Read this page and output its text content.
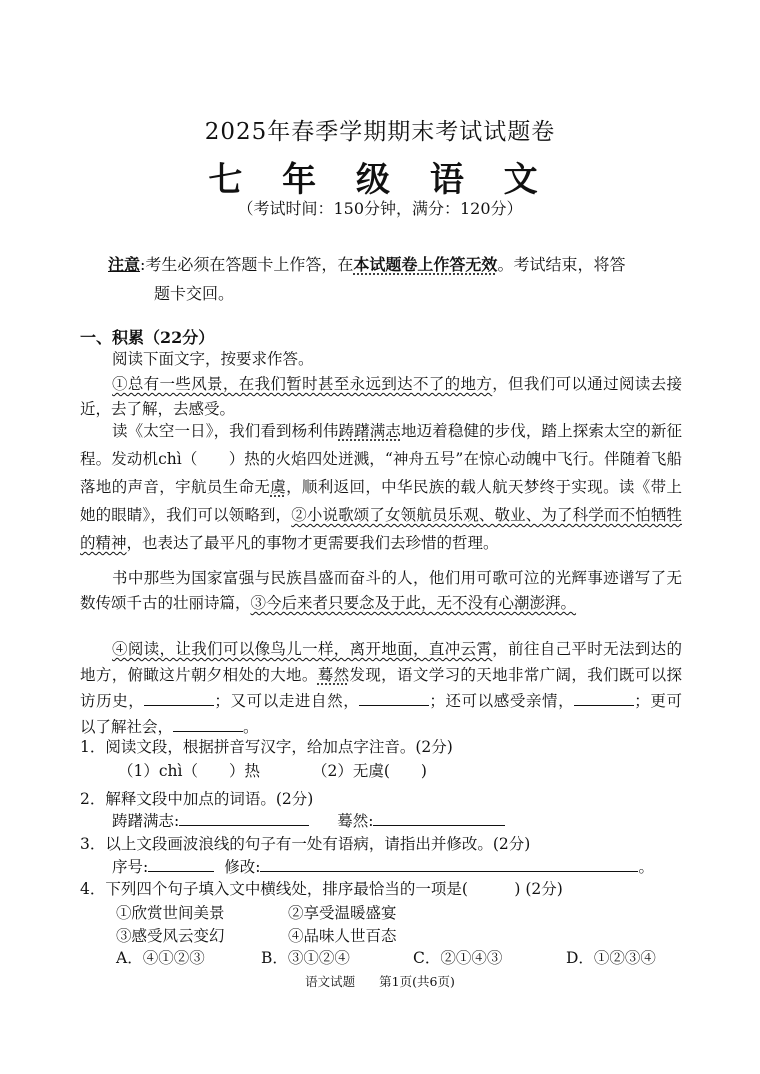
2025年春季学期期末考试试题卷
七 年 级 语 文
（考试时间：150分钟，满分：120分）
注意:考生必须在答题卡上作答，在本试题卷上作答无效。考试结束，将答
题卡交回。
一、积累（22分）
阅读下面文字，按要求作答。
①总有一些风景，在我们暂时甚至永远到达不了的地方，但我们可以通过阅读去接近，去了解，去感受。
读《太空一日》，我们看到杨利伟踌躇满志地迈着稳健的步伐，踏上探索太空的新征程。发动机chì（　　）热的火焰四处迸溅，“神舟五号”在惊心动魄中飞行。伴随着飞船落地的声音，宇航员生命无虞，顺利返回，中华民族的载人航天梦终于实现。读《带上她的眼睛》，我们可以领略到，②小说歌颂了女领航员乐观、敬业、为了科学而不怕牺牲的精神，也表达了最平凡的事物才更需要我们去珍惜的哲理。
书中那些为国家富强与民族昌盛而奋斗的人，他们用可歌可泣的光辉事迹谱写了无数传颂千古的壮丽诗篇，③今后来者只要念及于此，无不没有心潮澎湃。
④阅读，让我们可以像鸟儿一样，离开地面，直冲云霄，前往自己平时无法到达的地方，俯瞰这片朝夕相处的大地。蓦然发现，语文学习的天地非常广阔，我们既可以探访历史，	；又可以走进自然，	；还可以感受亲情，	；更可以了解社会，	。
1．阅读文段，根据拼音写汉字，给加点字注音。(2分)
（1）chì（　　）热	（2）无虞(　　)
2．解释文段中加点的词语。(2分)
踌躇满志:	蓦然:
3．以上文段画波浪线的句子有一处有语病，请指出并修改。(2分)
序号:	修改:	。
4．下列四个句子填入文中横线处，排序最恰当的一项是(　　　) (2分)
①欣赏世间美景	②享受温暖盛宴
③感受风云变幻	④品味人世百态
A．④①②③	B．③①②④	C．②①④③	D．①②③④
语文试题 第1页(共6页)
